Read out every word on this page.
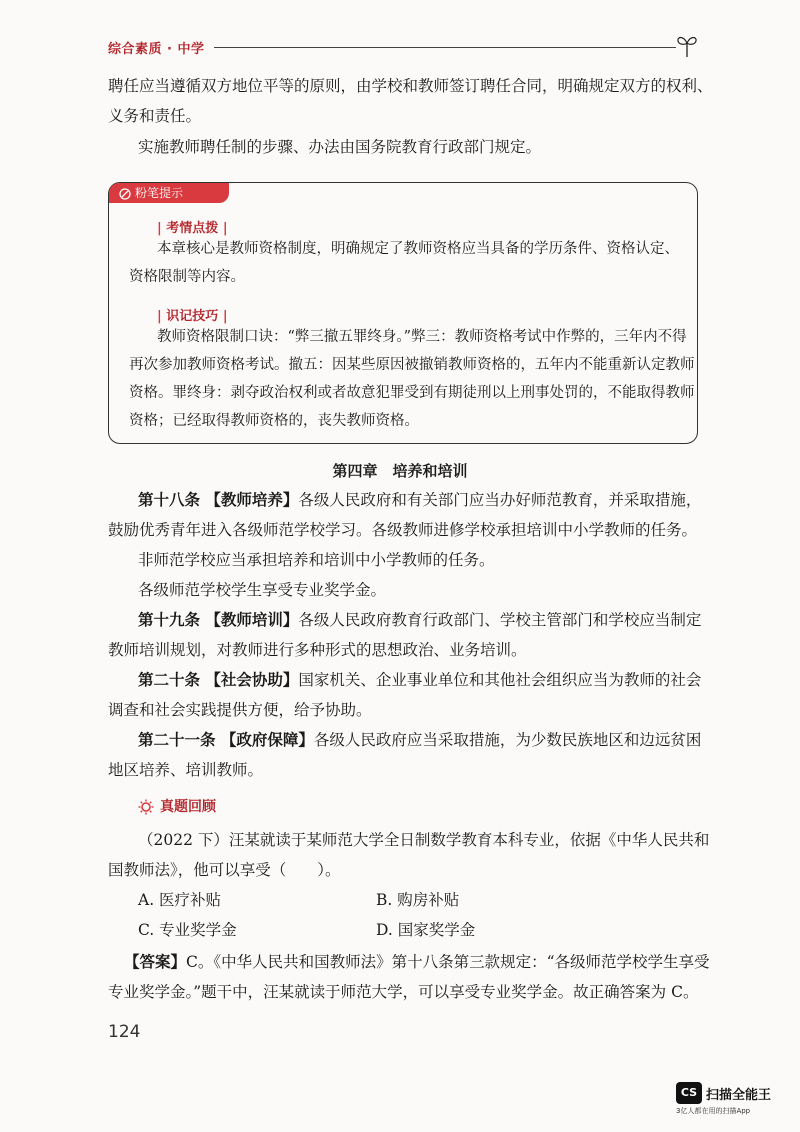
综合素质 · 中学

聘任应当遵循双方地位平等的原则，由学校和教师签订聘任合同，明确规定双方的权利、

义务和责任。

实施教师聘任制的步骤、办法由国务院教育行政部门规定。

粉笔提示
| 考情点拨 |
本章核心是教师资格制度，明确规定了教师资格应当具备的学历条件、资格认定、
资格限制等内容。
| 识记技巧 |
教师资格限制口诀：“弊三撤五罪终身。”弊三：教师资格考试中作弊的，三年内不得
再次参加教师资格考试。撤五：因某些原因被撤销教师资格的，五年内不能重新认定教师
资格。罪终身：剥夺政治权利或者故意犯罪受到有期徒刑以上刑事处罚的，不能取得教师
资格；已经取得教师资格的，丧失教师资格。
第四章　培养和培训

第十八条 【教师培养】各级人民政府和有关部门应当办好师范教育，并采取措施，

鼓励优秀青年进入各级师范学校学习。各级教师进修学校承担培训中小学教师的任务。

非师范学校应当承担培养和培训中小学教师的任务。

各级师范学校学生享受专业奖学金。

第十九条 【教师培训】各级人民政府教育行政部门、学校主管部门和学校应当制定

教师培训规划，对教师进行多种形式的思想政治、业务培训。

第二十条 【社会协助】国家机关、企业事业单位和其他社会组织应当为教师的社会

调查和社会实践提供方便，给予协助。

第二十一条 【政府保障】各级人民政府应当采取措施，为少数民族地区和边远贫困

地区培养、培训教师。

真题回顾

（2022 下）汪某就读于某师范大学全日制数学教育本科专业，依据《中华人民共和

国教师法》，他可以享受（　　）。

A. 医疗补贴	B. 购房补贴
C. 专业奖学金	D. 国家奖学金

【答案】C。《中华人民共和国教师法》第十八条第三款规定：“各级师范学校学生享受

专业奖学金。”题干中，汪某就读于师范大学，可以享受专业奖学金。故正确答案为 C。

124
CS 扫描全能王
3亿人都在用的扫描App
